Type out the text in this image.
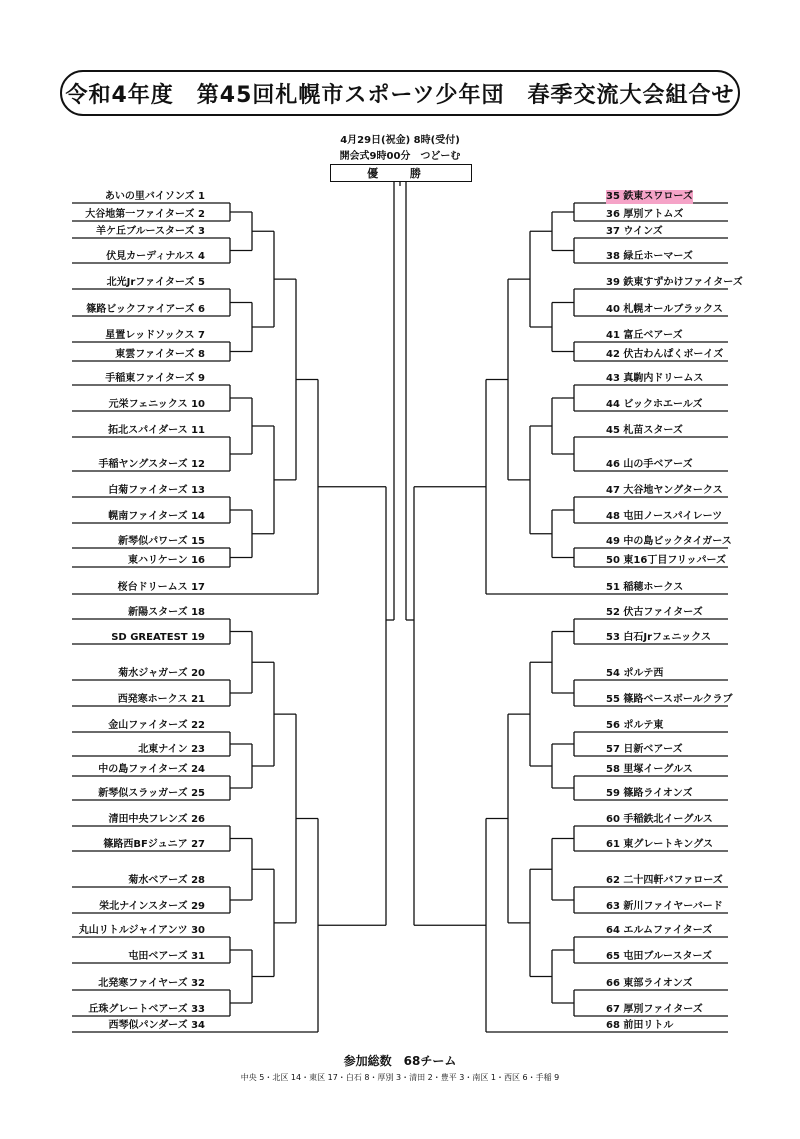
令和4年度　第45回札幌市スポーツ少年団　春季交流大会組合せ
4月29日(祝金) 8時(受付)
開会式9時00分　つどーむ
優 勝
あいの里バイソンズ 1
大谷地第一ファイターズ 2
羊ケ丘ブルースターズ 3
伏見カーディナルス 4
北光Jrファイターズ 5
篠路ビックファイアーズ 6
星置レッドソックス 7
東雲ファイターズ 8
手稲東ファイターズ 9
元栄フェニックス 10
拓北スパイダース 11
手稲ヤングスターズ 12
白菊ファイターズ 13
幌南ファイターズ 14
新琴似パワーズ 15
東ハリケーン 16
桜台ドリームス 17
新陽スターズ 18
SD GREATEST 19
菊水ジャガーズ 20
西発寒ホークス 21
金山ファイターズ 22
北東ナイン 23
中の島ファイターズ 24
新琴似スラッガーズ 25
清田中央フレンズ 26
篠路西BFジュニア 27
菊水ベアーズ 28
栄北ナインスターズ 29
丸山リトルジャイアンツ 30
屯田ベアーズ 31
北発寒ファイヤーズ 32
丘珠グレートベアーズ 33
西琴似パンダーズ 34
35 鉄東スワローズ
36 厚別アトムズ
37 ウインズ
38 緑丘ホーマーズ
39 鉄東すずかけファイターズ
40 札幌オールブラックス
41 富丘ベアーズ
42 伏古わんぱくボーイズ
43 真駒内ドリームス
44 ビックホエールズ
45 札苗スターズ
46 山の手ベアーズ
47 大谷地ヤングタークス
48 屯田ノースパイレーツ
49 中の島ビックタイガース
50 東16丁目フリッパーズ
51 稲穂ホークス
52 伏古ファイターズ
53 白石Jrフェニックス
54 ポルテ西
55 篠路ベースボールクラブ
56 ポルテ東
57 日新ベアーズ
58 里塚イーグルス
59 篠路ライオンズ
60 手稲鉄北イーグルス
61 東グレートキングス
62 二十四軒バファローズ
63 新川ファイヤーバード
64 エルムファイターズ
65 屯田ブルースターズ
66 東部ライオンズ
67 厚別ファイターズ
68 前田リトル
参加総数　68チーム
中央 5・北区 14・東区 17・白石 8・厚別 3・清田 2・豊平 3・南区 1・西区 6・手稲 9
